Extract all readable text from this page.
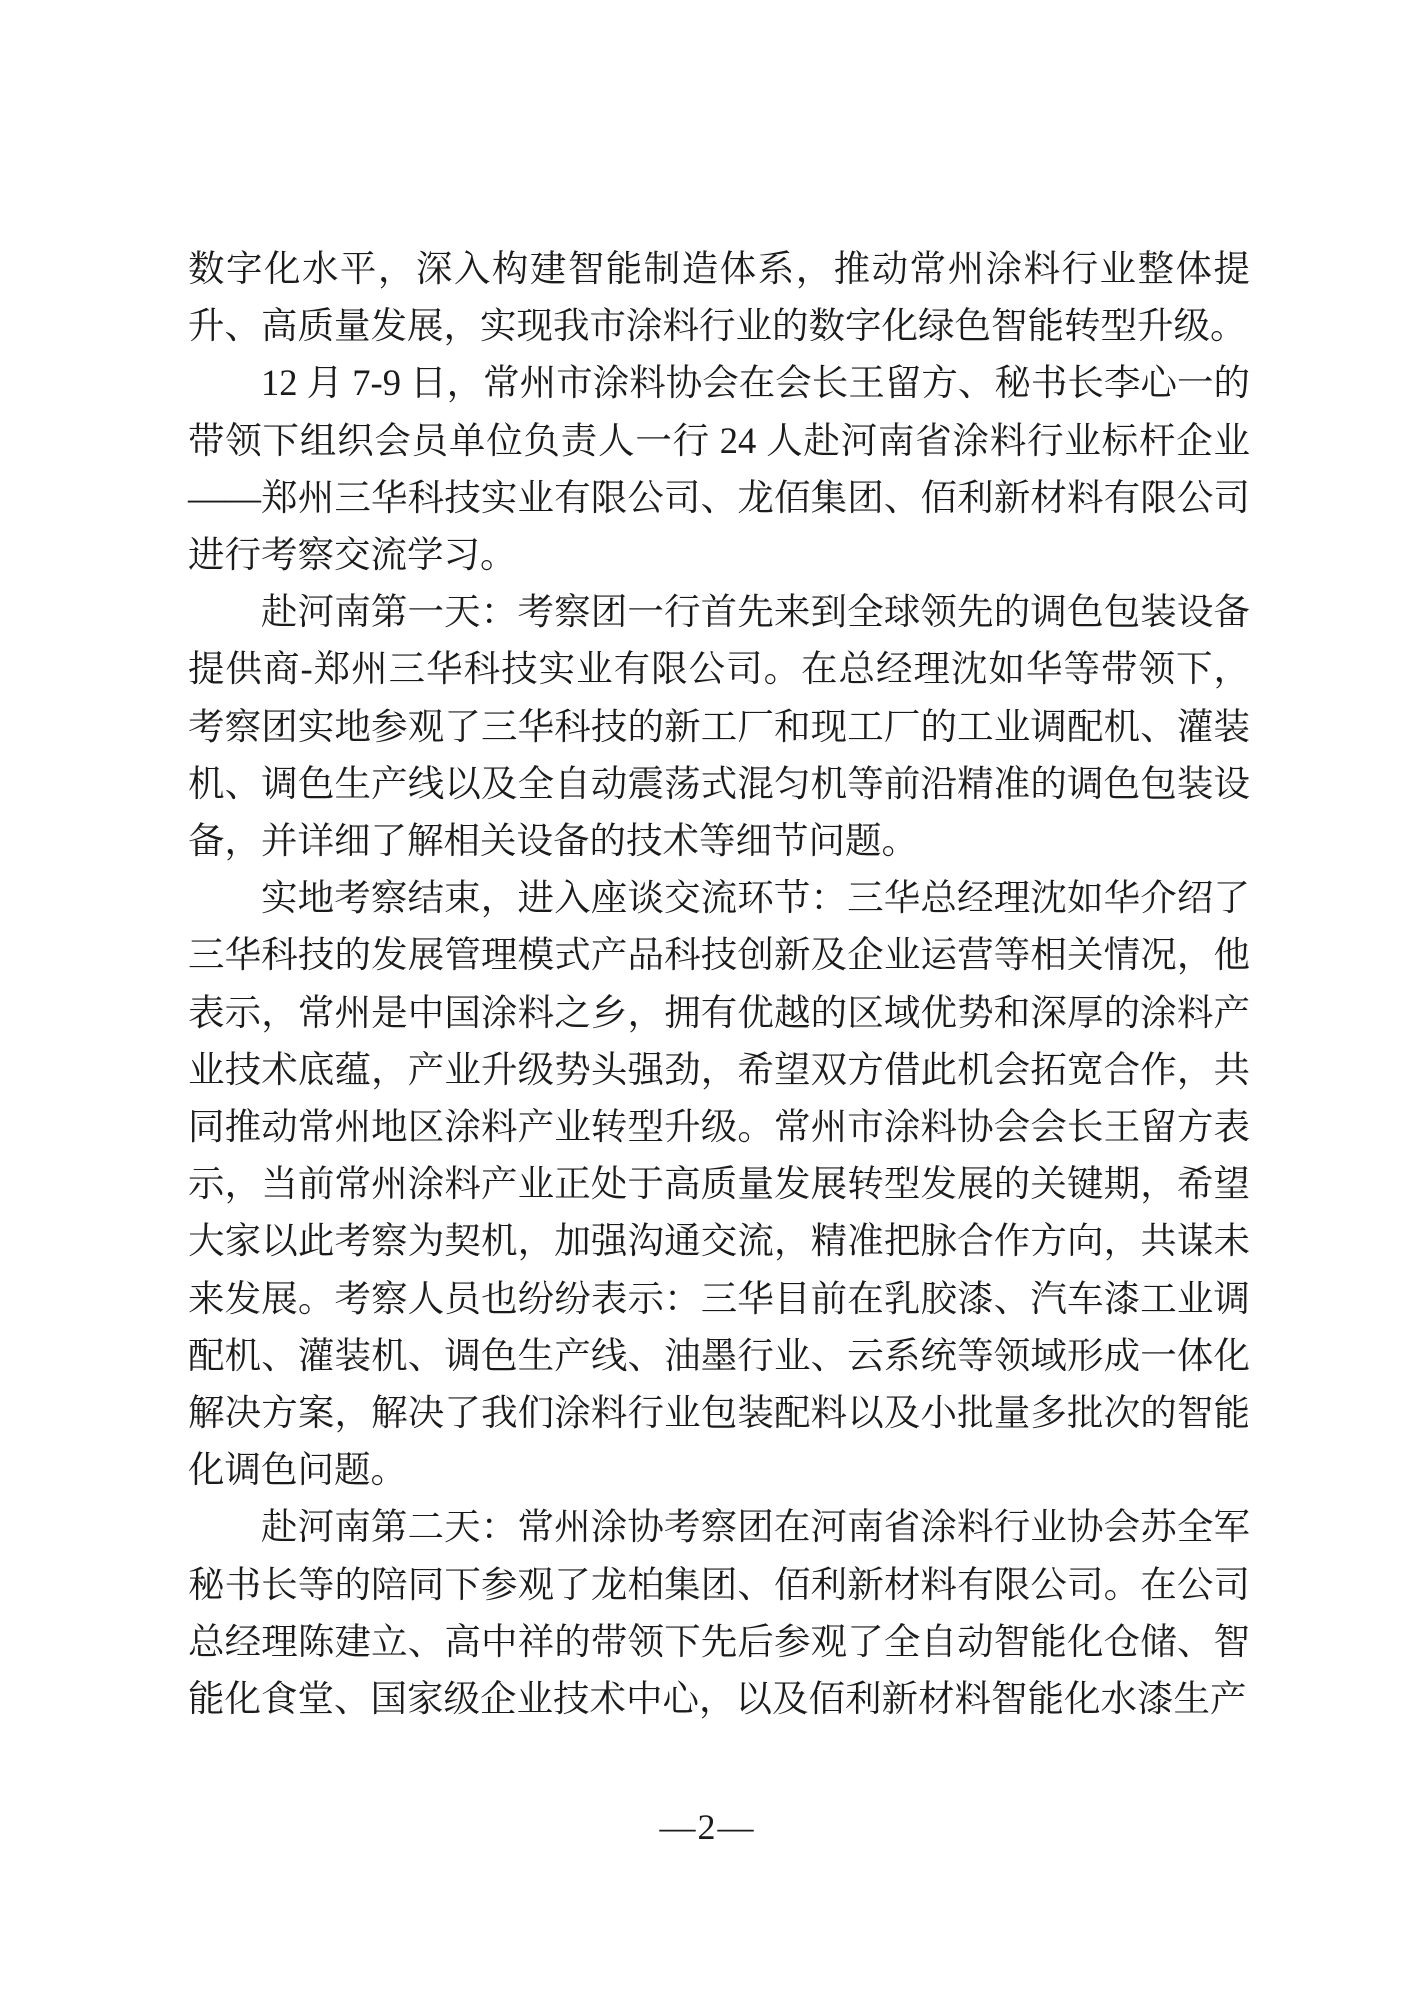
数字化水平，深入构建智能制造体系，推动常州涂料行业整体提升、高质量发展，实现我市涂料行业的数字化绿色智能转型升级。

12 月 7-9 日，常州市涂料协会在会长王留方、秘书长李心一的带领下组织会员单位负责人一行 24 人赴河南省涂料行业标杆企业——郑州三华科技实业有限公司、龙佰集团、佰利新材料有限公司进行考察交流学习。

赴河南第一天：考察团一行首先来到全球领先的调色包装设备提供商-郑州三华科技实业有限公司。在总经理沈如华等带领下，考察团实地参观了三华科技的新工厂和现工厂的工业调配机、灌装机、调色生产线以及全自动震荡式混匀机等前沿精准的调色包装设备，并详细了解相关设备的技术等细节问题。

实地考察结束，进入座谈交流环节：三华总经理沈如华介绍了三华科技的发展管理模式产品科技创新及企业运营等相关情况，他表示，常州是中国涂料之乡，拥有优越的区域优势和深厚的涂料产业技术底蕴，产业升级势头强劲，希望双方借此机会拓宽合作，共同推动常州地区涂料产业转型升级。常州市涂料协会会长王留方表示，当前常州涂料产业正处于高质量发展转型发展的关键期，希望大家以此考察为契机，加强沟通交流，精准把脉合作方向，共谋未来发展。考察人员也纷纷表示：三华目前在乳胶漆、汽车漆工业调配机、灌装机、调色生产线、油墨行业、云系统等领域形成一体化解决方案，解决了我们涂料行业包装配料以及小批量多批次的智能化调色问题。

赴河南第二天：常州涂协考察团在河南省涂料行业协会苏全军秘书长等的陪同下参观了龙柏集团、佰利新材料有限公司。在公司总经理陈建立、高中祥的带领下先后参观了全自动智能化仓储、智能化食堂、国家级企业技术中心，以及佰利新材料智能化水漆生产

—2—
